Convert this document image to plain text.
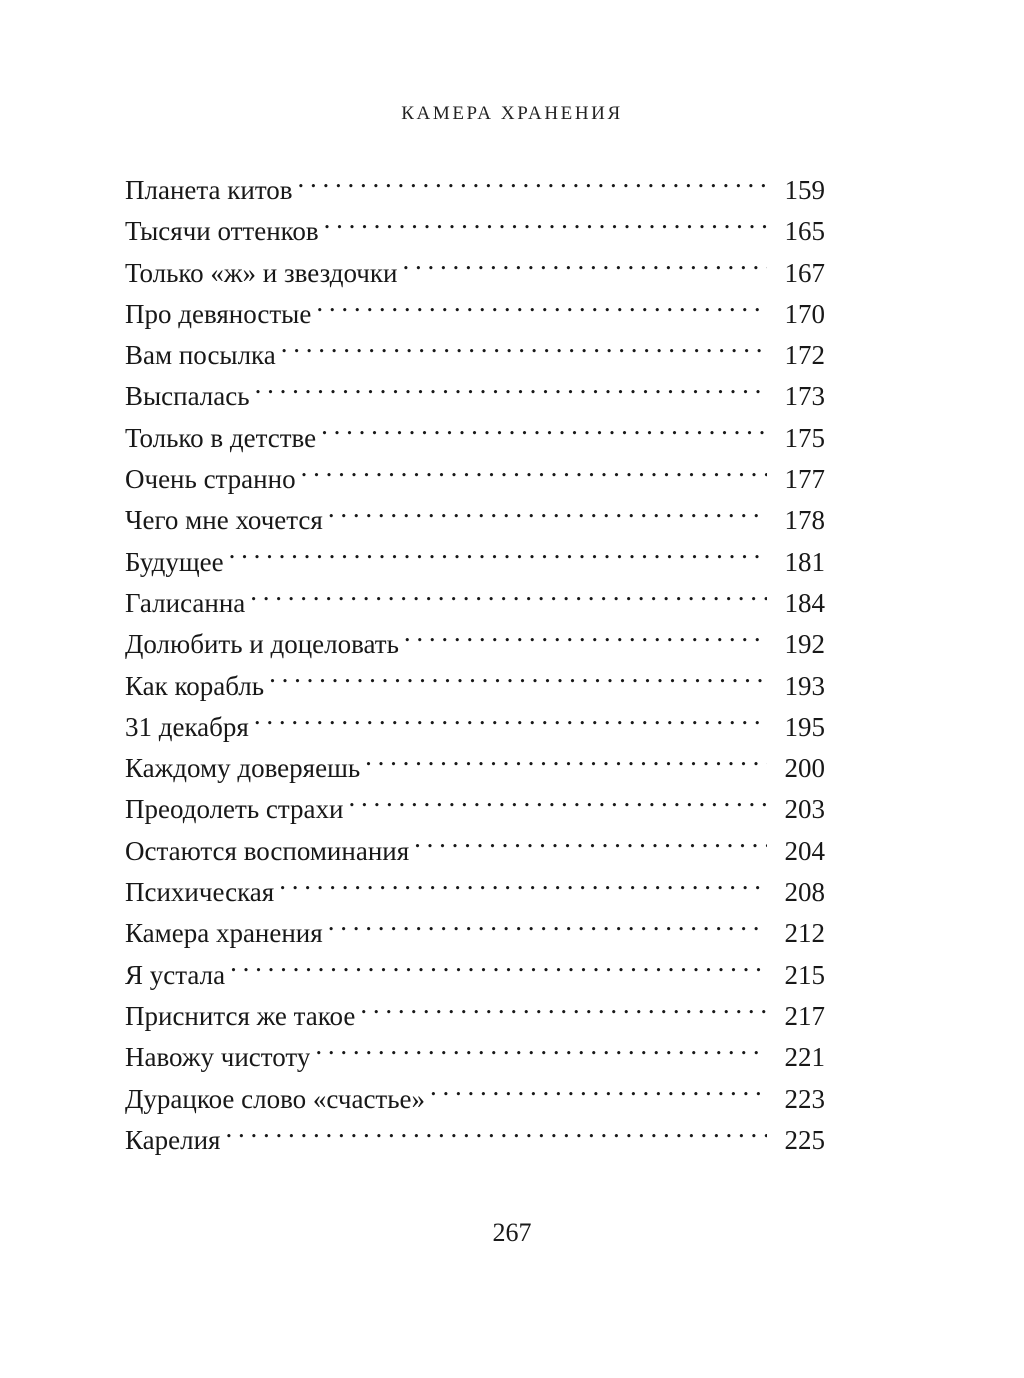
КАМЕРА ХРАНЕНИЯ
Планета китов . . .	159
Тысячи оттенков . . .	165
Только «ж» и звездочки . . .	167
Про девяностые . . .	170
Вам посылка . . .	172
Выспалась . . .	173
Только в детстве . . .	175
Очень странно . . .	177
Чего мне хочется . . .	178
Будущее . . .	181
Галисанна . . .	184
Долюбить и доцеловать . . .	192
Как корабль . . .	193
31 декабря . . .	195
Каждому доверяешь . . .	200
Преодолеть страхи . . .	203
Остаются воспоминания . . .	204
Психическая . . .	208
Камера хранения . . .	212
Я устала . . .	215
Приснится же такое . . .	217
Навожу чистоту . . .	221
Дурацкое слово «счастье» . . .	223
Карелия . . .	225
267
